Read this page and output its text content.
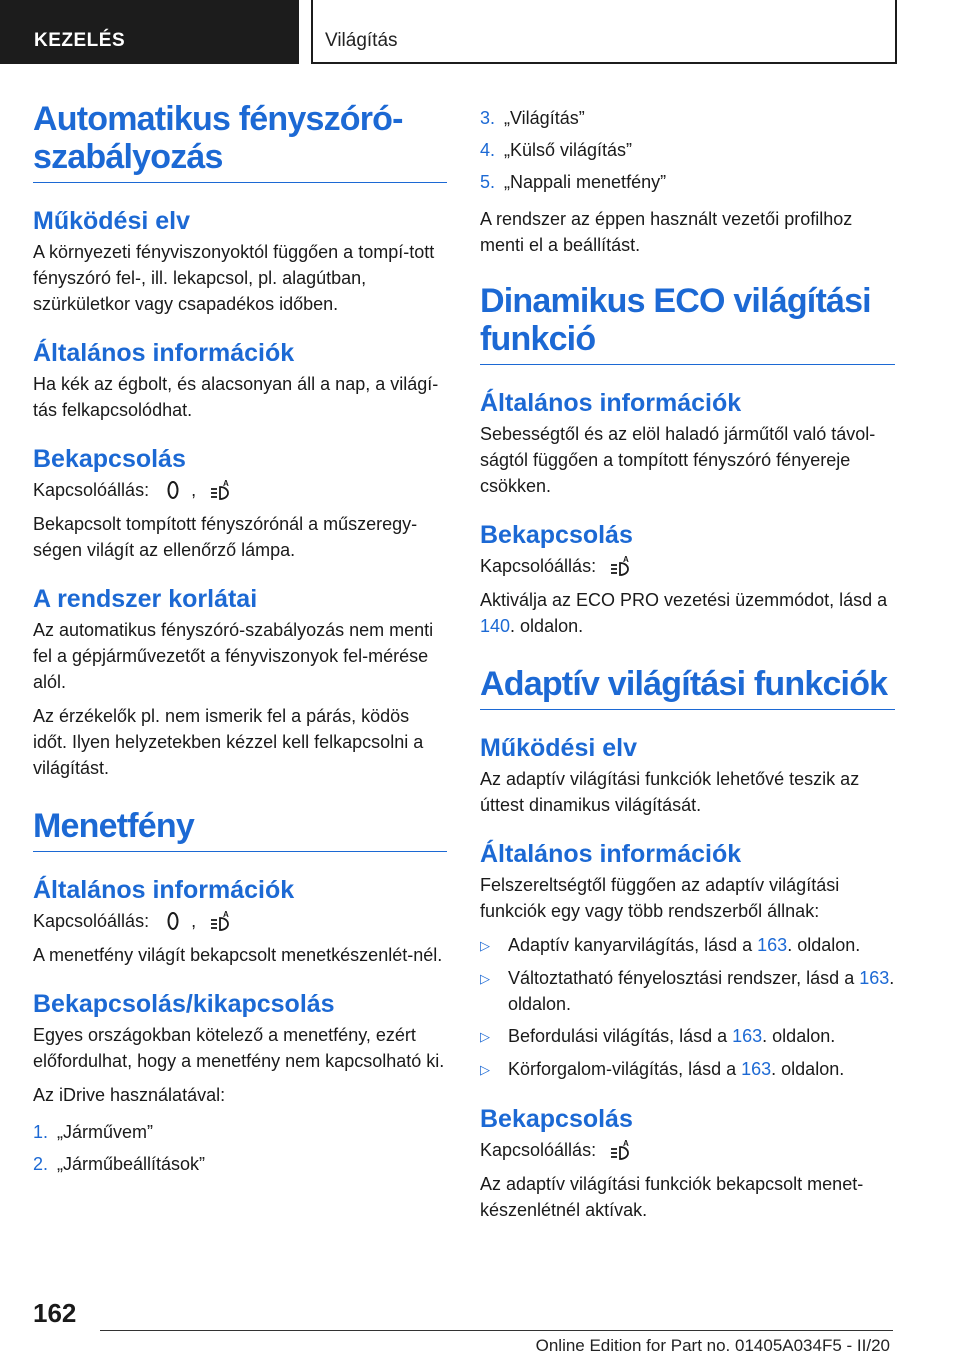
KEZELÉS	Világítás
Automatikus fényszóró-szabályozás
Működési elv
A környezeti fényviszonyoktól függően a tompí-tott fényszóró fel-, ill. lekapcsol, pl. alagútban, szürkületkor vagy csapadékos időben.
Általános információk
Ha kék az égbolt, és alacsonyan áll a nap, a világí-tás felkapcsolódhat.
Bekapcsolás
Kapcsolóállás: ,	A
Bekapcsolt tompított fényszórónál a műszeregy-ségen világít az ellenőrző lámpa.
A rendszer korlátai
Az automatikus fényszóró-szabályozás nem menti fel a gépjárművezetőt a fényviszonyok fel-mérése alól.
Az érzékelők pl. nem ismerik fel a párás, ködös időt. Ilyen helyzetekben kézzel kell felkapcsolni a világítást.
Menetfény
Általános információk
Kapcsolóállás: ,	A
A menetfény világít bekapcsolt menetkészenlét-nél.
Bekapcsolás/kikapcsolás
Egyes országokban kötelező a menetfény, ezért előfordulhat, hogy a menetfény nem kapcsolható ki.
Az iDrive használatával:
1. „Járművem”
2. „Járműbeállítások”
3. „Világítás”
4. „Külső világítás”
5. „Nappali menetfény”
A rendszer az éppen használt vezetői profilhoz menti el a beállítást.
Dinamikus ECO világítási funkció
Általános információk
Sebességtől és az elöl haladó járműtől való távol-ságtól függően a tompított fényszóró fényereje csökken.
Bekapcsolás
Kapcsolóállás:	A
Aktiválja az ECO PRO vezetési üzemmódot, lásd a 140. oldalon.
Adaptív világítási funkciók
Működési elv
Az adaptív világítási funkciók lehetővé teszik az úttest dinamikus világítását.
Általános információk
Felszereltségtől függően az adaptív világítási funkciók egy vagy több rendszerből állnak:
▷	Adaptív kanyarvilágítás, lásd a 163. oldalon.
▷	Változtatható fényelosztási rendszer, lásd a 163. oldalon.
▷	Befordulási világítás, lásd a 163. oldalon.
▷	Körforgalom-világítás, lásd a 163. oldalon.
Bekapcsolás
Kapcsolóállás:	A
Az adaptív világítási funkciók bekapcsolt menet-készenlétnél aktívak.
162
Online Edition for Part no. 01405A034F5 - II/20
